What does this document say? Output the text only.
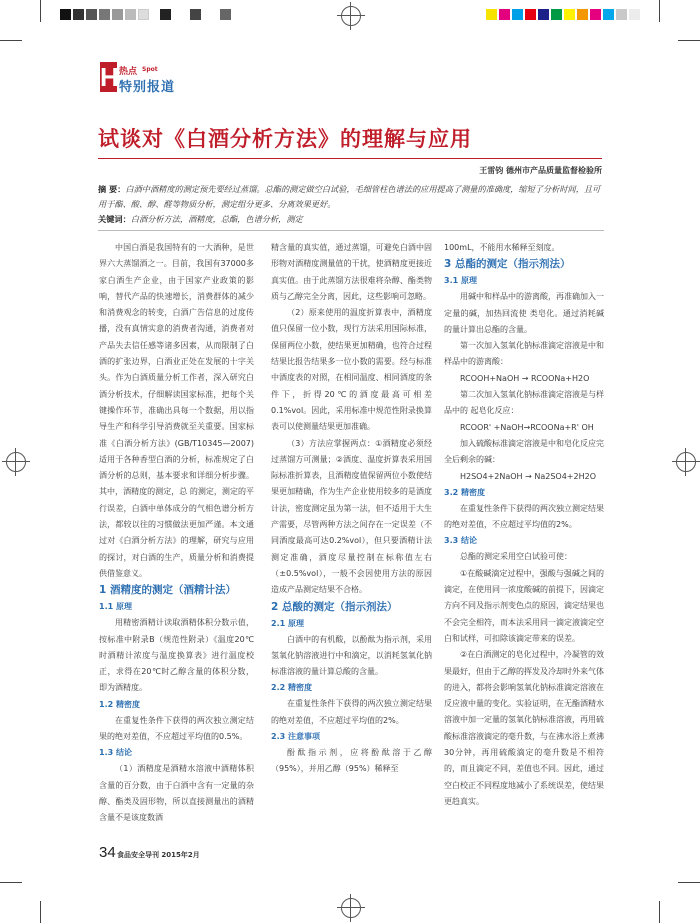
H 热点 Spot
特别报道
试谈对《白酒分析方法》的理解与应用
王雷钧 德州市产品质量监督检验所
摘 要：白酒中酒精度的测定预先要经过蒸馏。总酯的测定做空白试验，毛细管柱色谱法的应用提高了测量的准确度，缩短了分析时间，且可用于酯、酸、醇、醛等物质分析，测定组分更多、分离效果更好。
关键词：白酒分析方法，酒精度，总酯，色谱分析，测定

中国白酒是我国特有的一大酒种，是世界六大蒸馏酒之一。目前，我国有37000多家白酒生产企业，由于国家产业政策的影响，替代产品的快速增长，消费群体的减少和消费观念的转变，白酒广告信息的过度传播，没有真情实意的消费者沟通，消费者对产品失去信任感等诸多因素，从而限制了白酒的扩张边界，白酒业正处在发展的十字关头。作为白酒质量分析工作者，深入研究白酒分析技术，仔细解读国家标准，把每个关键操作环节，准确出具每一个数据，用以指导生产和科学引导消费就至关重要。国家标准《白酒分析方法》(GB/T10345—2007) 适用于各种香型白酒的分析，标准规定了白酒分析的总则，基本要求和详细分析步骤。其中，酒精度的测定，总 的测定，测定的平行误差，白酒中单体成分的气相色谱分析方法，都较以往的习惯做法更加严谨。本文通过对《白酒分析方法》的理解，研究与应用的探讨，对白酒的生产，质量分析和消费提供借鉴意义。

1 酒精度的测定（酒精计法）

1.1 原理

用精密酒精计读取酒精体积分数示值，按标准中附录B（规范性附录）《温度20℃时酒精计浓度与温度换算表》进行温度校正，求得在20℃时乙醇含量的体积分数，即为酒精度。

1.2 精密度

在重复性条件下获得的两次独立测定结果的绝对差值，不应超过平均值的0.5%。

1.3 结论

（1）酒精度是酒精水溶液中酒精体积含量的百分数，由于白酒中含有一定量的杂醇、酯类及固形物，所以直接测量出的酒精含量不是该度数酒

精含量的真实值，通过蒸馏，可避免白酒中固形物对酒精度测量值的干扰，使酒精度更接近真实值。由于此蒸馏方法很难将杂醇、酯类物质与乙醇完全分离，因此，这些影响可忽略。

（2）原来使用的温度折算表中，酒精度值只保留一位小数，现行方法采用国际标准，保留两位小数，使结果更加精确，也符合过程结果比报告结果多一位小数的需要。经与标准中酒度表的对照，在相同温度、相同酒度的条件下，折得20℃的酒度最高可相差0.1%vol。因此，采用标准中规范性附录换算表可以使测量结果更加准确。

（3）方法应掌握两点：①酒精度必须经过蒸馏方可测量；②酒度、温度折算表采用国际标准折算表，且酒精度值保留两位小数使结果更加精确，作为生产企业使用较多的是酒度计法，密度测定虽为第一法，但不适用于大生产需要，尽管两种方法之间存在一定误差（不同酒度最高可达0.2%vol），但只要酒精计法测定准确，酒度尽量控制在标称值左右（±0.5%vol），一般不会因使用方法的原因造成产品测定结果不合格。

2 总酸的测定（指示剂法）

2.1 原理

白酒中的有机酸，以酚酞为指示剂，采用氢氧化钠溶液进行中和滴定，以消耗氢氧化钠标准溶液的量计算总酸的含量。

2.2 精密度

在重复性条件下获得的两次独立测定结果的绝对差值，不应超过平均值的2%。

2.3 注意事项

酚酞指示剂，应将酚酞溶于乙醇（95%），并用乙醇（95%）稀释至

100mL，不能用水稀释至刻度。

3 总酯的测定（指示剂法）

3.1 原理

用碱中和样品中的游离酸，再准确加入一定量的碱，加热回流使 类皂化。通过消耗碱的量计算出总酯的含量。

第一次加入氢氧化钠标准滴定溶液是中和样品中的游离酸：

RCOOH+NaOH → RCOONa+H2O

第二次加入氢氧化钠标准滴定溶液是与样品中的 起皂化反应：

RCOOR' +NaOH→RCOONa+R' OH

加入硫酸标准滴定溶液是中和皂化反应完全后剩余的碱：

H2SO4+2NaOH → Na2SO4+2H2O

3.2 精密度

在重复性条件下获得的两次独立测定结果的绝对差值，不应超过平均值的2%。

3.3 结论

总酯的测定采用空白试验可使：

①在酸碱滴定过程中，强酸与强碱之间的滴定，在使用同一浓度酸碱的前提下，因滴定方向不同及指示剂变色点的原因，滴定结果也不会完全相符，而本法采用同一滴定液滴定空白和试样，可扣除该滴定带来的误差。

②在白酒测定的皂化过程中，冷凝管的效果最好，但由于乙醇的挥发及冷却时外来气体的进入，都将会影响氢氧化钠标准滴定溶液在反应液中量的变化。实验证明，在无酯酒精水溶液中加一定量的氢氧化钠标准溶液，再用硫酸标准溶液滴定的毫升数，与在沸水浴上煮沸30分钟，再用硫酸滴定的毫升数是不相符的，而且滴定不同，差值也不同。因此，通过空白校正不同程度地减小了系统误差，使结果更趋真实。

34 食品安全导刊 2015年2月
